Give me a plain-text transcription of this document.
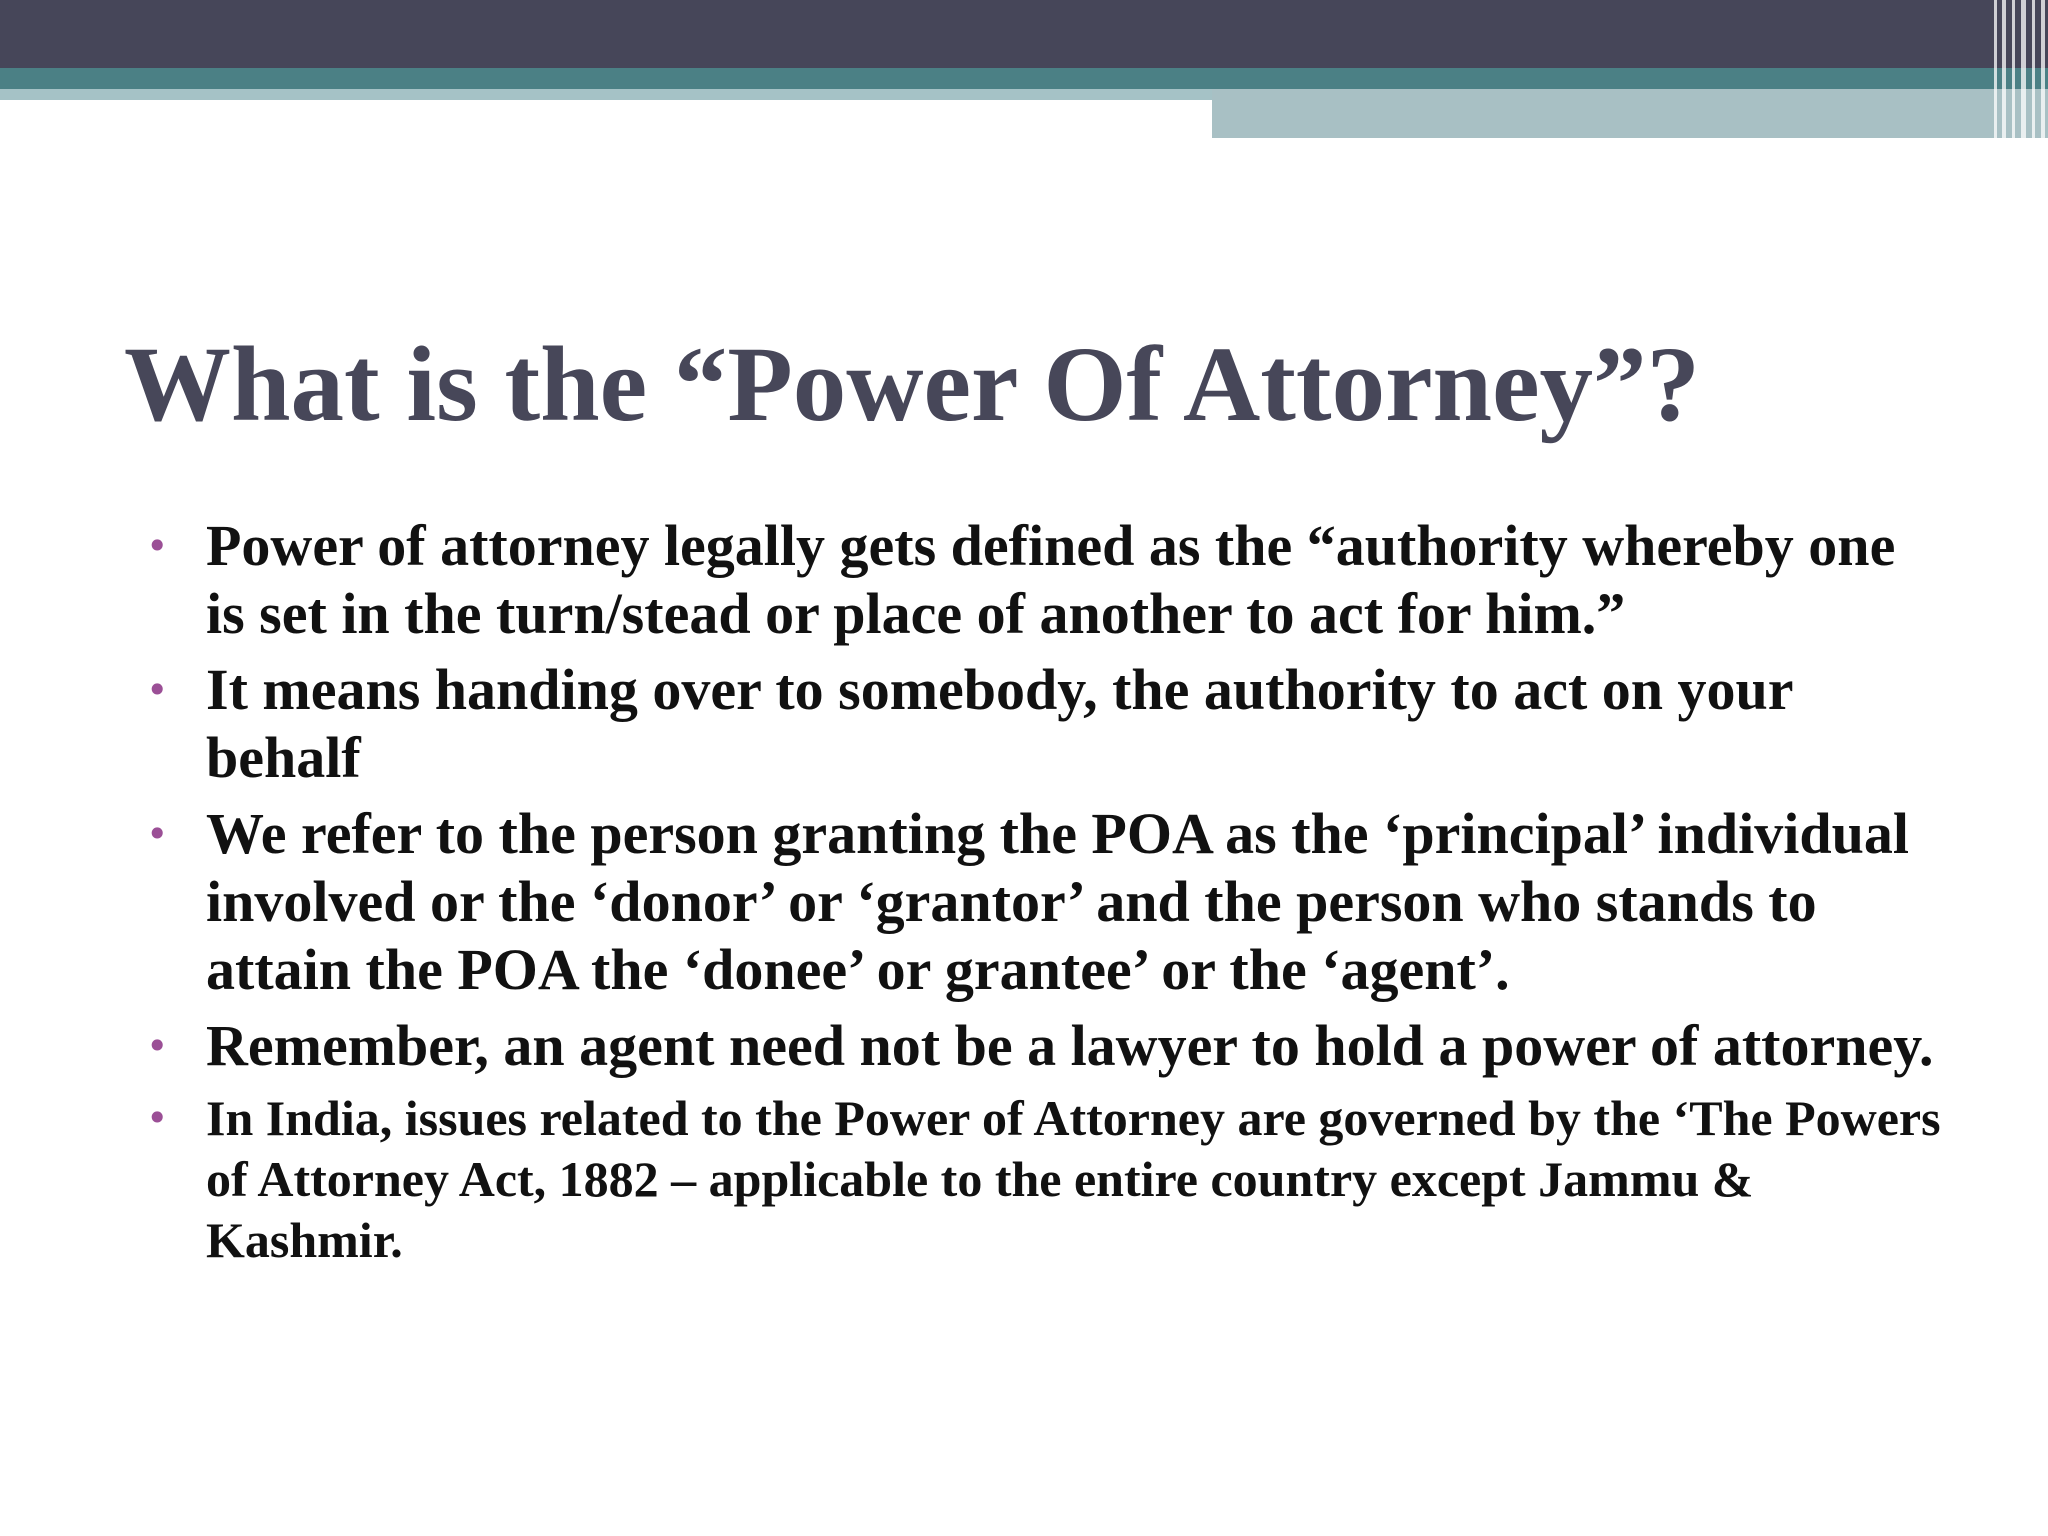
What is the “Power Of Attorney”?
• Power of attorney legally gets defined as the “authority whereby one is set in the turn/stead or place of another to act for him.”
• It means handing over to somebody, the authority to act on your behalf
• We refer to the person granting the POA as the ‘principal’ individual involved or the ‘donor’ or ‘grantor’ and the person who stands to attain the POA the ‘donee’ or grantee’ or the ‘agent’.
• Remember, an agent need not be a lawyer to hold a power of attorney.
• In India, issues related to the Power of Attorney are governed by the ‘The Powers of Attorney Act, 1882 – applicable to the entire country except Jammu & Kashmir.
